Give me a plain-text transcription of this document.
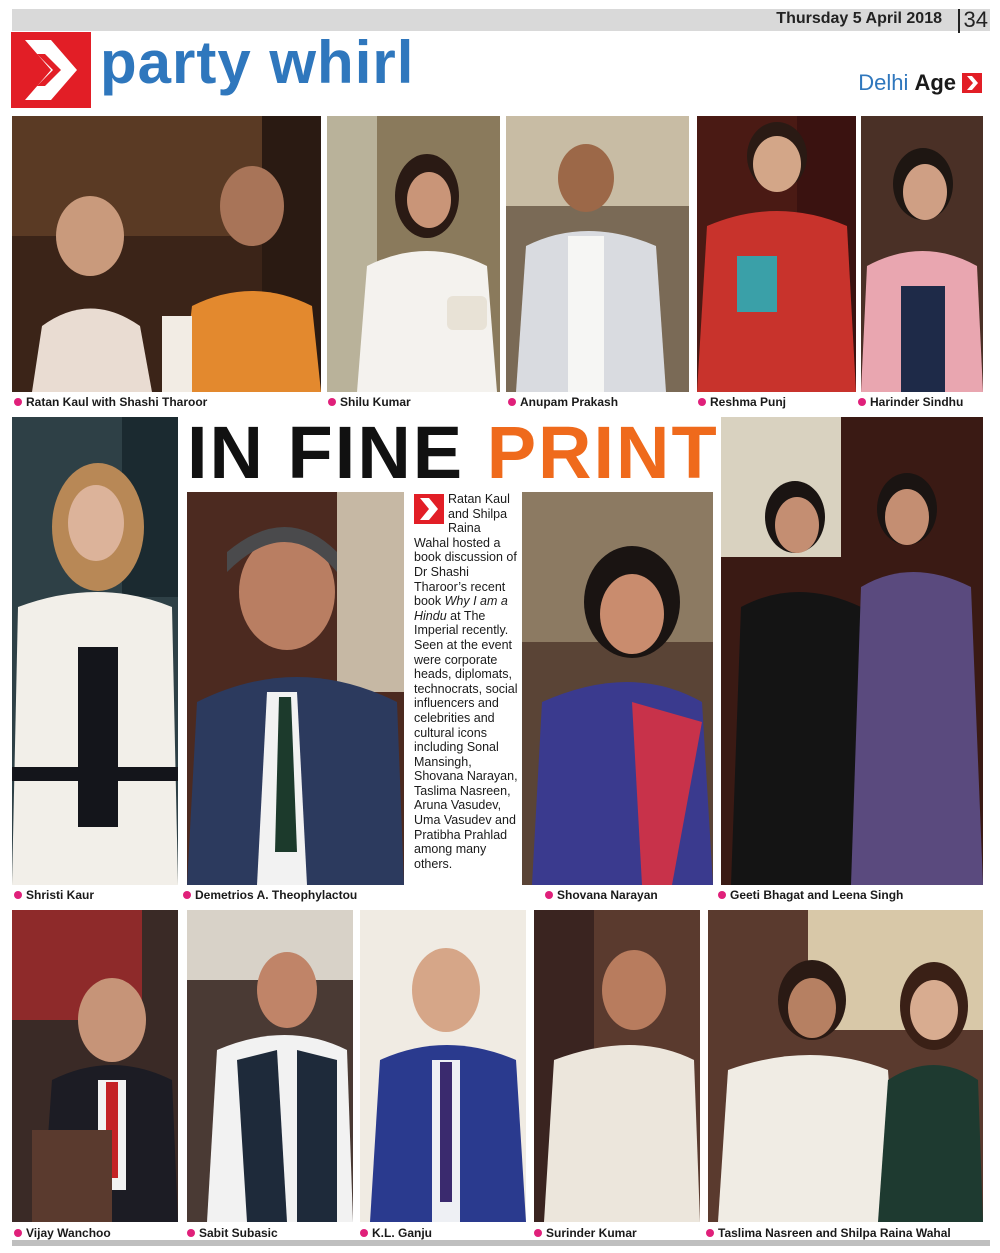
Thursday 5 April 2018 34
party whirl	Delhi Age
Ratan Kaul with Shashi Tharoor	Shilu Kumar	Anupam Prakash	Reshma Punj	Harinder Sindhu
IN FINE PRINT
Ratan Kaul and Shilpa Raina Wahal hosted a book discussion of Dr Shashi Tharoor’s recent book Why I am a Hindu at The Imperial recently. Seen at the event were corporate heads, diplomats, technocrats, social influencers and celebrities and cultural icons including Sonal Mansingh, Shovana Narayan, Taslima Nasreen, Aruna Vasudev, Uma Vasudev and Pratibha Prahlad among many others.
Shristi Kaur	Demetrios A. Theophylactou	Shovana Narayan	Geeti Bhagat and Leena Singh
Vijay Wanchoo	Sabit Subasic	K.L. Ganju	Surinder Kumar	Taslima Nasreen and Shilpa Raina Wahal
